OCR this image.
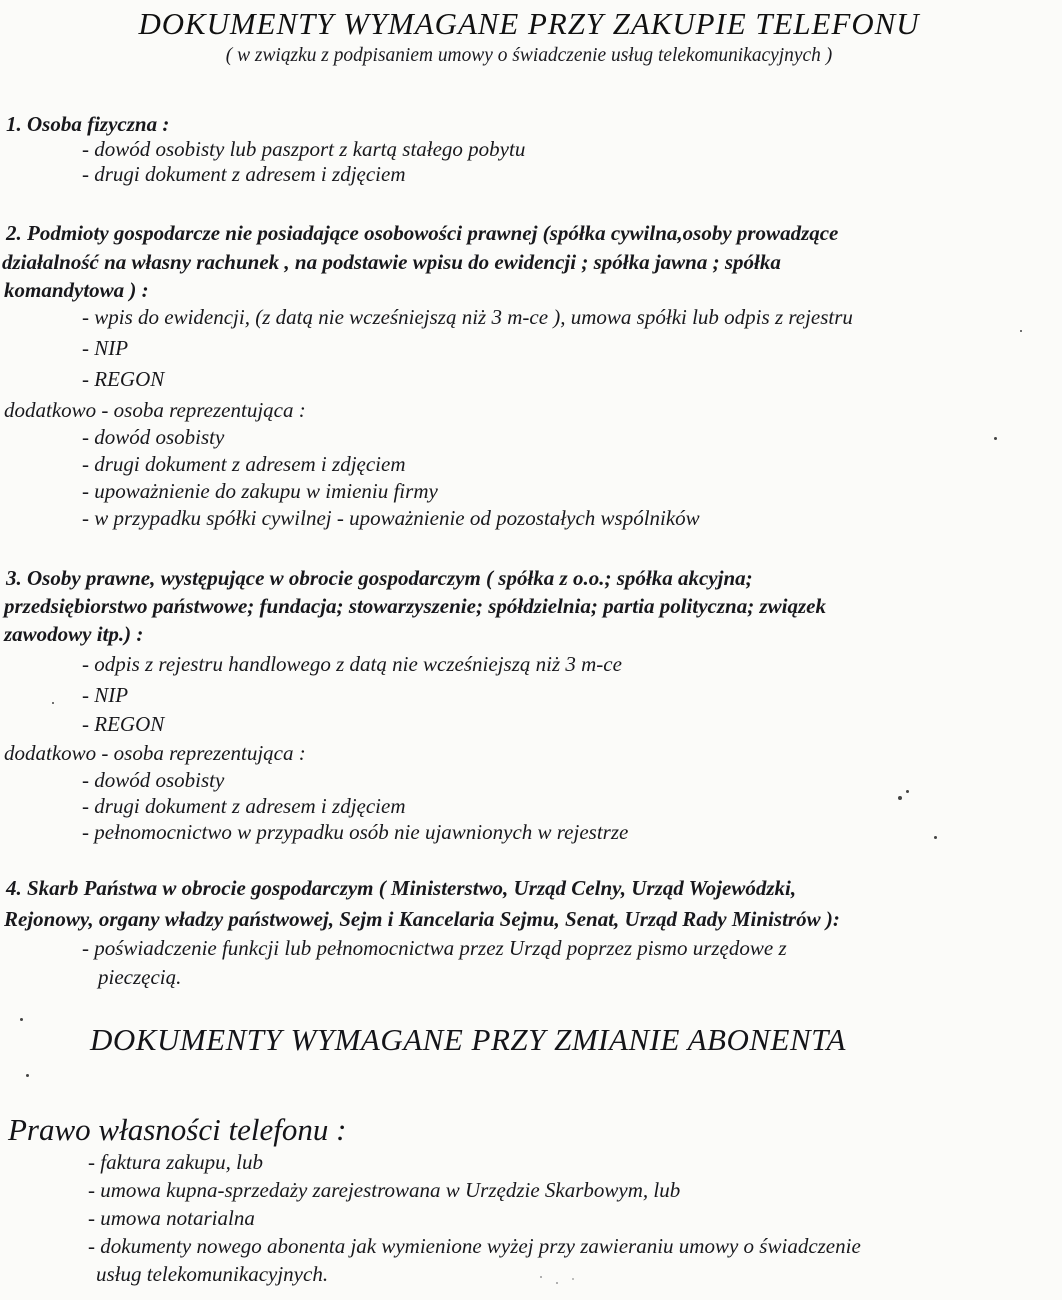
DOKUMENTY WYMAGANE PRZY ZAKUPIE TELEFONU
( w związku z podpisaniem umowy o świadczenie usług telekomunikacyjnych )
1. Osoba fizyczna :
- dowód osobisty lub paszport z kartą stałego pobytu
- drugi dokument z adresem i zdjęciem
2. Podmioty gospodarcze nie posiadające osobowości prawnej (spółka cywilna,osoby prowadzące
działalność na własny rachunek , na podstawie wpisu do ewidencji ; spółka jawna ; spółka
komandytowa ) :
- wpis do ewidencji, (z datą nie wcześniejszą niż 3 m-ce ), umowa spółki lub odpis z rejestru
- NIP
- REGON
dodatkowo - osoba reprezentująca :
- dowód osobisty
- drugi dokument z adresem i zdjęciem
- upoważnienie do zakupu w imieniu firmy
- w przypadku spółki cywilnej - upoważnienie od pozostałych wspólników
3. Osoby prawne, występujące w obrocie gospodarczym ( spółka z o.o.; spółka akcyjna;
przedsiębiorstwo państwowe; fundacja; stowarzyszenie; spółdzielnia; partia polityczna; związek
zawodowy itp.) :
- odpis z rejestru handlowego z datą nie wcześniejszą niż 3 m-ce
- NIP
- REGON
dodatkowo - osoba reprezentująca :
- dowód osobisty
- drugi dokument z adresem i zdjęciem
- pełnomocnictwo w przypadku osób nie ujawnionych w rejestrze
4. Skarb Państwa w obrocie gospodarczym ( Ministerstwo, Urząd Celny, Urząd Wojewódzki,
Rejonowy, organy władzy państwowej, Sejm i Kancelaria Sejmu, Senat, Urząd Rady Ministrów ):
- poświadczenie funkcji lub pełnomocnictwa przez Urząd poprzez pismo urzędowe z
pieczęcią.
DOKUMENTY WYMAGANE PRZY ZMIANIE ABONENTA
Prawo własności telefonu :
- faktura zakupu, lub
- umowa kupna-sprzedaży zarejestrowana w Urzędzie Skarbowym, lub
- umowa notarialna
- dokumenty nowego abonenta jak wymienione wyżej przy zawieraniu umowy o świadczenie
usług telekomunikacyjnych.
